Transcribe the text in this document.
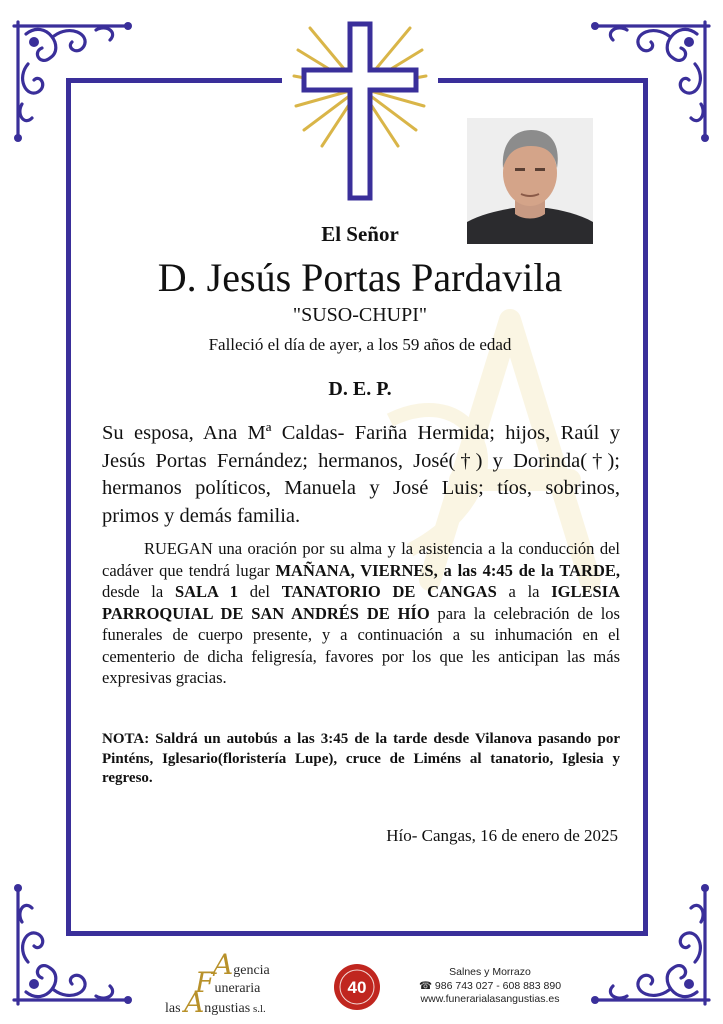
El Señor
D. Jesús Portas Pardavila
"SUSO-CHUPI"
Falleció el día de ayer, a los 59 años de edad
D. E. P.
Su esposa, Ana Mª Caldas- Fariña Hermida; hijos, Raúl y Jesús Portas Fernández; hermanos, José(†) y Dorinda(†); hermanos políticos, Manuela y José Luis; tíos, sobrinos, primos y demás familia.
RUEGAN una oración por su alma y la asistencia a la conducción del cadáver que tendrá lugar MAÑANA, VIERNES, a las 4:45 de la TARDE, desde la SALA 1 del TANATORIO DE CANGAS a la IGLESIA PARROQUIAL DE SAN ANDRÉS DE HÍO para la celebración de los funerales de cuerpo presente, y a continuación a su inhumación en el cementerio de dicha feligresía, favores por los que les anticipan las más expresivas gracias.
NOTA: Saldrá un autobús a las 3:45 de la tarde desde Vilanova pasando por Pinténs, Iglesario(floristería Lupe), cruce de Liméns al tanatorio, Iglesia y regreso.
Hío- Cangas, 16 de enero de 2025
Agencia
Funeraria
las Angustias s.l.
40
Salnes y Morrazo
☎ 986 743 027 - 608 883 890
www.funerarialasangustias.es
